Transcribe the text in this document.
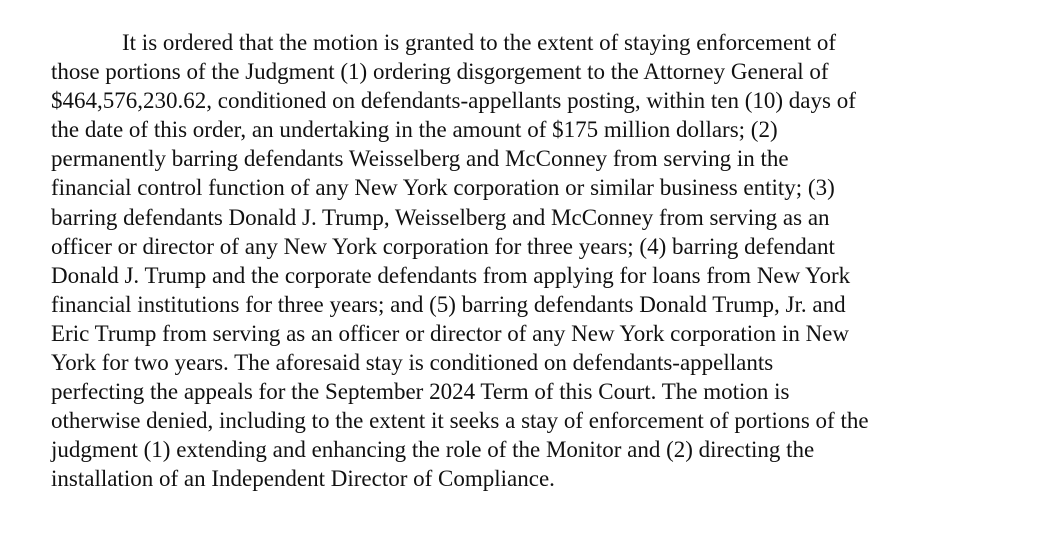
It is ordered that the motion is granted to the extent of staying enforcement of
those portions of the Judgment (1) ordering disgorgement to the Attorney General of
$464,576,230.62, conditioned on defendants-appellants posting, within ten (10) days of
the date of this order, an undertaking in the amount of $175 million dollars; (2)
permanently barring defendants Weisselberg and McConney from serving in the
financial control function of any New York corporation or similar business entity; (3)
barring defendants Donald J. Trump, Weisselberg and McConney from serving as an
officer or director of any New York corporation for three years; (4) barring defendant
Donald J. Trump and the corporate defendants from applying for loans from New York
financial institutions for three years; and (5) barring defendants Donald Trump, Jr. and
Eric Trump from serving as an officer or director of any New York corporation in New
York for two years. The aforesaid stay is conditioned on defendants-appellants
perfecting the appeals for the September 2024 Term of this Court. The motion is
otherwise denied, including to the extent it seeks a stay of enforcement of portions of the
judgment (1) extending and enhancing the role of the Monitor and (2) directing the
installation of an Independent Director of Compliance.
